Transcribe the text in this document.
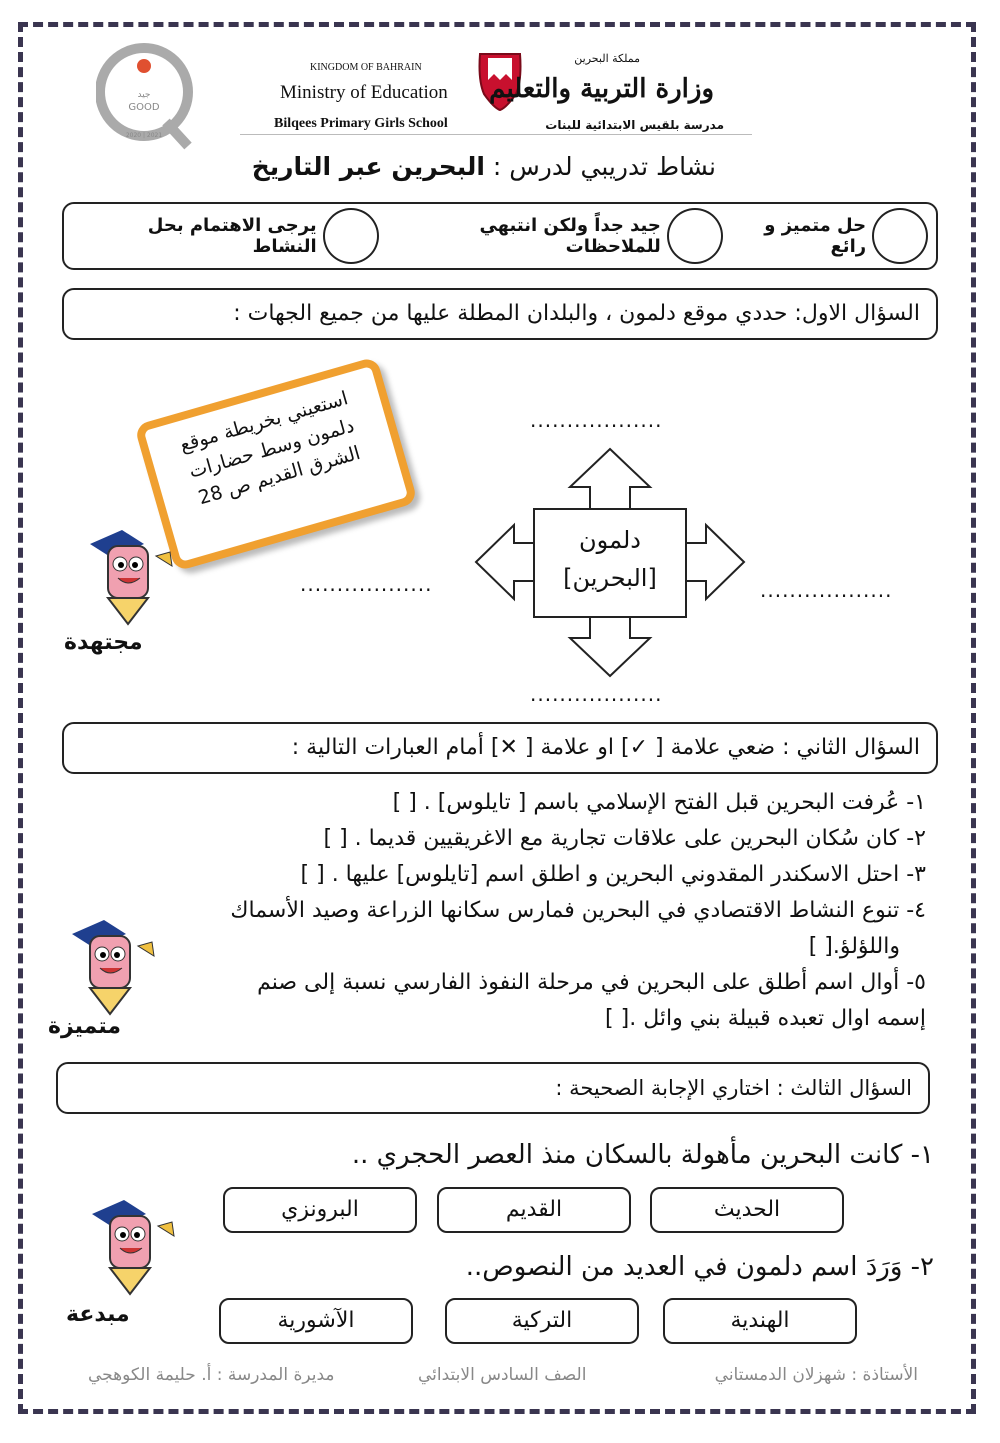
جيد
GOOD
2020 | 2021
KINGDOM OF BAHRAIN
Ministry of Education
Bilqees Primary Girls School
مملكة البحرين
وزارة التربية والتعليم
مدرسة بلقيس الابتدائية للبنات
نشاط تدريبي لدرس : البحرين عبر التاريخ
حل متميز و رائع
جيد جداً ولكن انتبهي للملاحظات
يرجى الاهتمام بحل النشاط
السؤال الاول: حددي موقع دلمون ، والبلدان المطلة عليها من جميع الجهات :
استعيني بخريطة موقع دلمون وسط حضارات الشرق القديم ص 28
دلمون
[البحرين]
..................
..................
..................	..................
مجتهدة
السؤال الثاني : ضعي علامة [ ✓] او علامة [ ✕] أمام العبارات التالية :
١- عُرفت البحرين قبل الفتح الإسلامي باسم [ تايلوس] . [ ]
٢- كان سُكان البحرين على علاقات تجارية مع الاغريقيين قديما . [ ]
٣- احتل الاسكندر المقدوني البحرين و اطلق اسم [تايلوس] عليها . [ ]
٤- تنوع النشاط الاقتصادي في البحرين فمارس سكانها الزراعة وصيد الأسماك
واللؤلؤ.[ ]
٥- أوال اسم أطلق على البحرين في مرحلة النفوذ الفارسي نسبة إلى صنم
إسمه اوال تعبده قبيلة بني وائل .[ ]
متميزة
السؤال الثالث : اختاري الإجابة الصحيحة :
١- كانت البحرين مأهولة بالسكان منذ العصر الحجري ..
الحديث
القديم
البرونزي
٢- وَرَدَ اسم دلمون في العديد من النصوص..
الهندية
التركية
الآشورية
مبدعة
الأستاذة : شهزلان الدمستاني
الصف السادس الابتدائي
مديرة المدرسة : أ. حليمة الكوهجي
